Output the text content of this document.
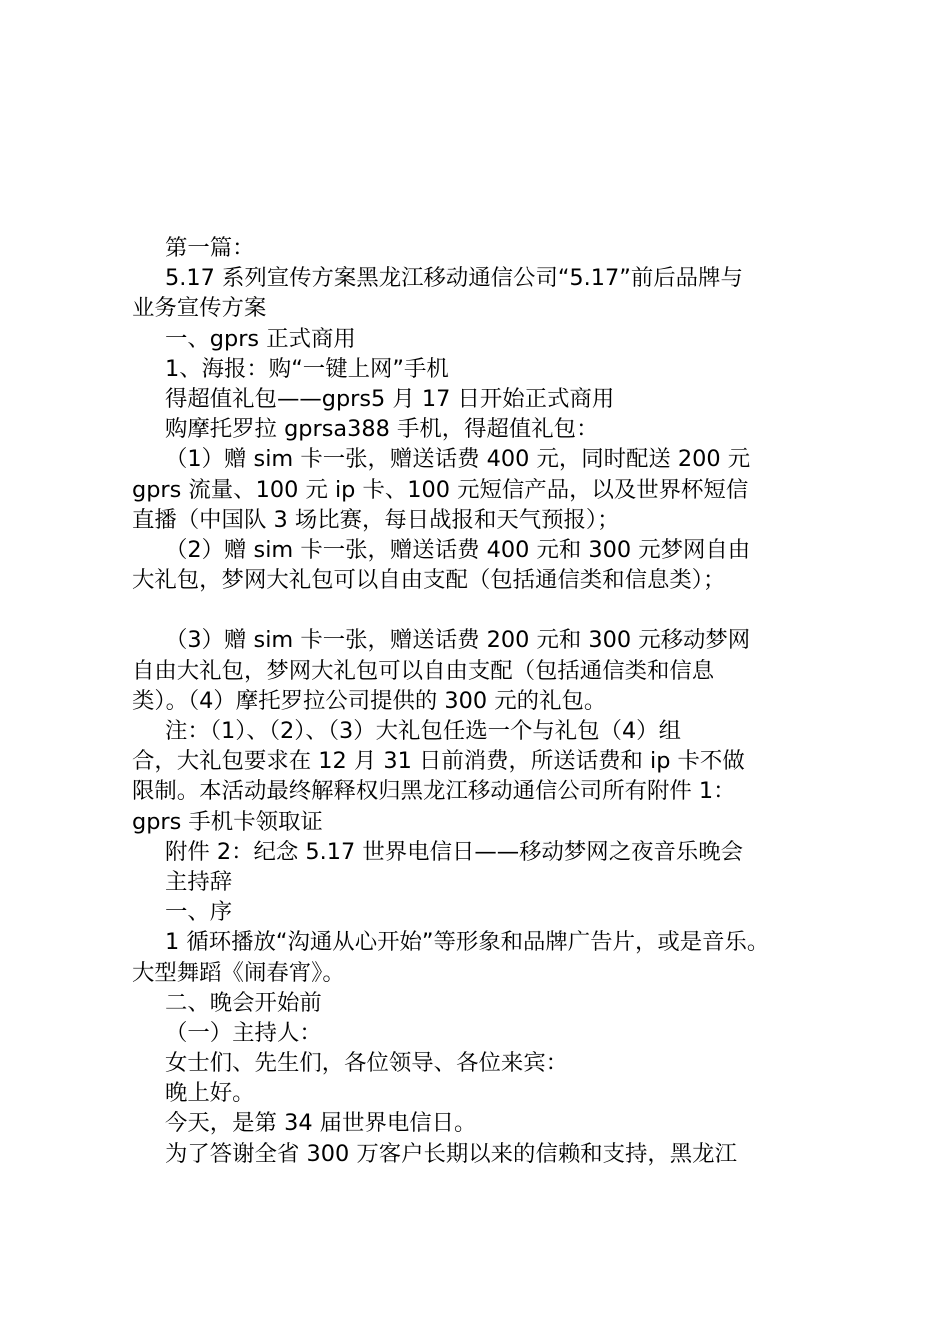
第一篇：
5.17 系列宣传方案黑龙江移动通信公司“5.17”前后品牌与
业务宣传方案
一、gprs 正式商用
1、海报：购“一键上网”手机
得超值礼包——gprs5 月 17 日开始正式商用
购摩托罗拉 gprsa388 手机，得超值礼包：
（1）赠 sim 卡一张，赠送话费 400 元，同时配送 200 元
gprs 流量、100 元 ip 卡、100 元短信产品，以及世界杯短信
直播（中国队 3 场比赛，每日战报和天气预报）；
（2）赠 sim 卡一张，赠送话费 400 元和 300 元梦网自由
大礼包，梦网大礼包可以自由支配（包括通信类和信息类）；
（3）赠 sim 卡一张，赠送话费 200 元和 300 元移动梦网
自由大礼包，梦网大礼包可以自由支配（包括通信类和信息
类）。（4）摩托罗拉公司提供的 300 元的礼包。
注：（1）、（2）、（3）大礼包任选一个与礼包（4）组
合，大礼包要求在 12 月 31 日前消费，所送话费和 ip 卡不做
限制。本活动最终解释权归黑龙江移动通信公司所有附件 1：
gprs 手机卡领取证
附件 2：纪念 5.17 世界电信日——移动梦网之夜音乐晚会
主持辞
一、序
1 循环播放“沟通从心开始”等形象和品牌广告片，或是音乐。
大型舞蹈《闹春宵》。
二、晚会开始前
（一）主持人：
女士们、先生们，各位领导、各位来宾：
晚上好。
今天，是第 34 届世界电信日。
为了答谢全省 300 万客户长期以来的信赖和支持，黑龙江
